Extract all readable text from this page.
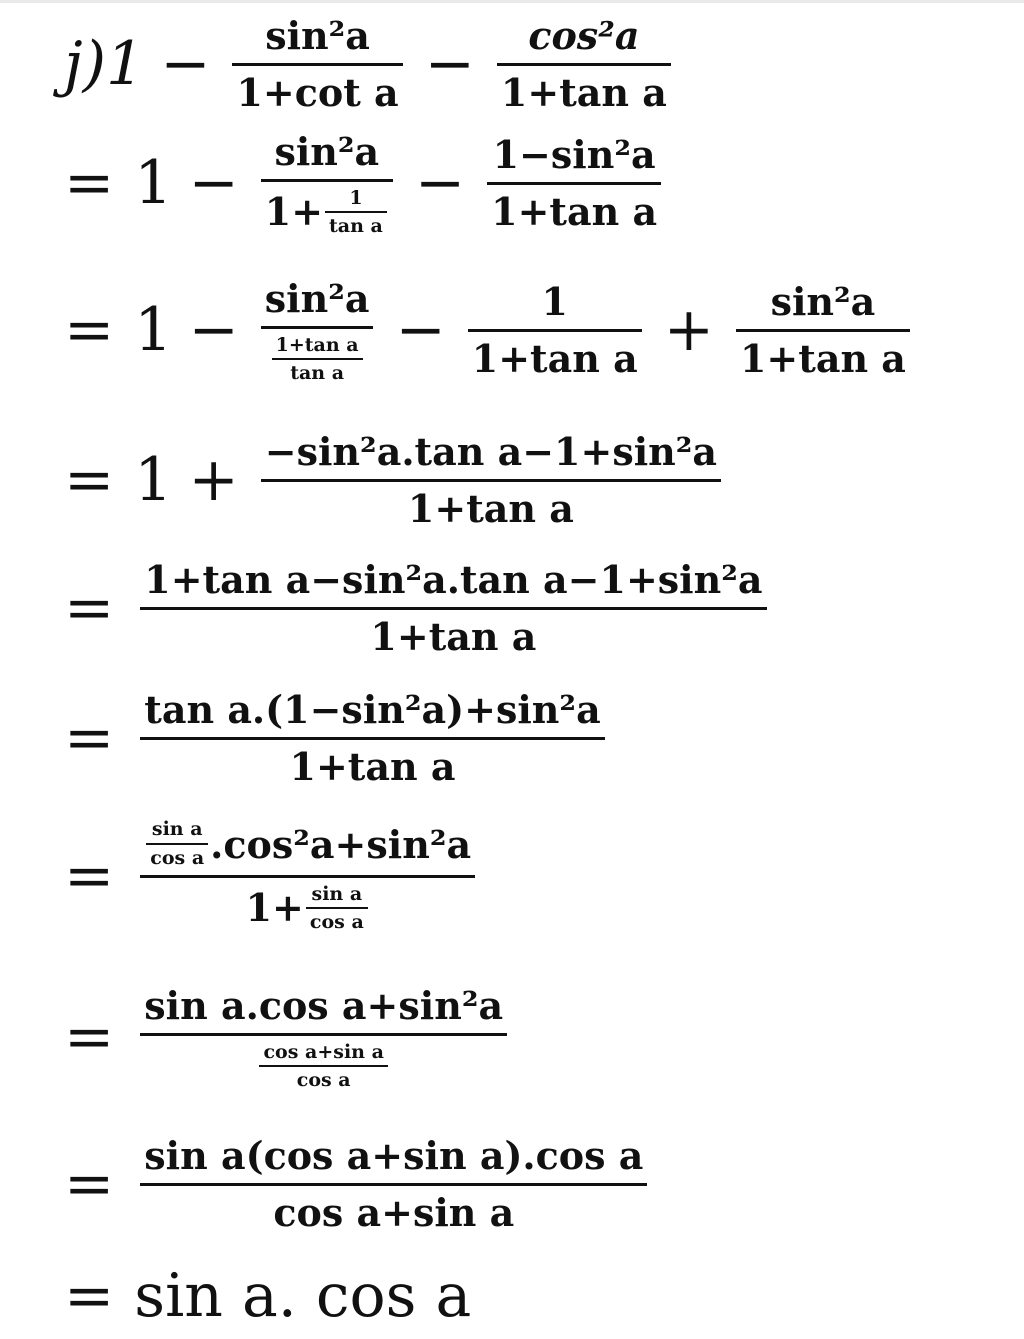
$j)1 - \frac{\text{sin²a}}{\text{1+cot a}} - \frac{\text{cos²a}}{\text{1+tan a}}$
= $1 - \frac{\text{sin²a}}{1+ \frac{1}{\text{tan a}}} - \frac{\text{1−sin²a}}{\text{1+tan a}}$
= $1 - \frac{\text{sin²a}}{\frac{\text{1+tan a}}{\text{tan a}}} - \frac{1}{\text{1+tan a}} + \frac{\text{sin²a}}{\text{1+tan a}}$
= $1 + \frac{\text{−sin²a.tan a−1+sin²a}}{\text{1+tan a}}$
= $\frac{\text{1+tan a−sin²a.tan a−1+sin²a}}{\text{1+tan a}}$
= $\frac{\text{tan a.(1−sin²a)+sin²a}}{\text{1+tan a}}$
= $\frac{\frac{\text{sin a}}{\text{cos a}} .\cos^2a+\sin^2a}{1+ \frac{\text{sin a}}{\text{cos a}}}$
= $\frac{\text{sin a.cos a+sin²a}}{\frac{\text{cos a+sin a}}{\text{cos a}}}$
= $\frac{\text{sin a(cos a+sin a).cos a}}{\text{cos a+sin a}}$
= sin a. cos a
